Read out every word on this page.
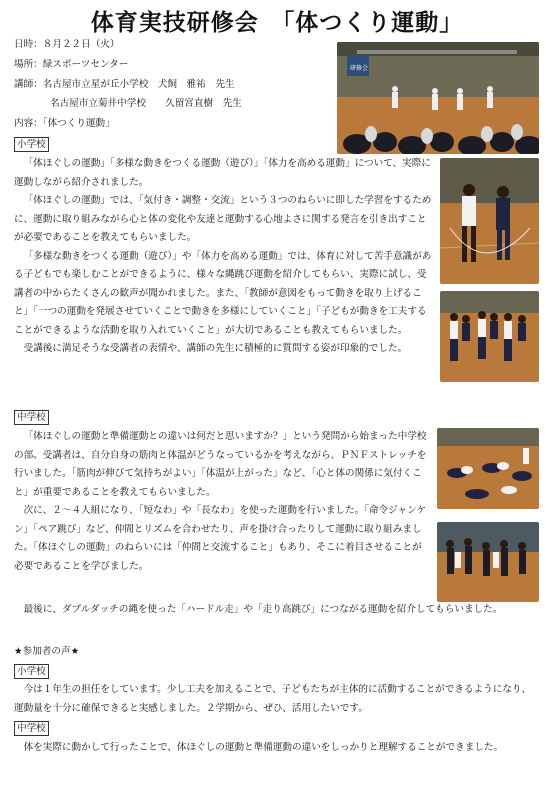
体育実技研修会　「体つくり運動」
日時：８月２２日（火）
場所：緑スポーツセンター
講師：名古屋市立星が丘小学校　犬飼　雅祐　先生
名古屋市立菊井中学校　　久留宮直樹　先生
内容：「体つくり運動」
研修会
小学校

「体ほぐしの運動」「多様な動きをつくる運動（遊び）」「体力を高める運動」について、実際に運動しながら紹介されました。

「体ほぐしの運動」では、「気付き・調整・交流」という３つのねらいに即した学習をするために、運動に取り組みながら心と体の変化や友達と運動する心地よさに関する発言を引き出すことが必要であることを教えてもらいました。

「多様な動きをつくる運動（遊び）」や「体力を高める運動」では、体育に対して苦手意識がある子どもでも楽しむことができるように、様々な縄跳び運動を紹介してもらい、実際に試し、受講者の中からたくさんの歓声が聞かれました。また、「教師が意図をもって動きを取り上げること」「一つの運動を発展させていくことで動きを多様にしていくこと」「子どもが動きを工夫することができるような活動を取り入れていくこと」が大切であることも教えてもらいました。

受講後に満足そうな受講者の表情や、講師の先生に積極的に質問する姿が印象的でした。

中学校

「体ほぐしの運動と準備運動との違いは何だと思いますか？」という発問から始まった中学校の部。受講者は、自分自身の筋肉と体温がどうなっているかを考えながら、ＰＮＦストレッチを行いました。「筋肉が伸びて気持ちがよい」「体温が上がった」など、「心と体の関係に気付くこと」が重要であることを教えてもらいました。

次に、２～４人組になり、「短なわ」や「長なわ」を使った運動を行いました。「命令ジャンケン」「ペア跳び」など、仲間とリズムを合わせたり、声を掛け合ったりして運動に取り組みました。「体ほぐしの運動」のねらいには「仲間と交流すること」もあり、そこに着目させることが必要であることを学びました。

最後に、ダブルダッチの縄を使った「ハードル走」や「走り高跳び」につながる運動を紹介してもらいました。

★参加者の声★
小学校

今は１年生の担任をしています。少し工夫を加えることで、子どもたちが主体的に活動することができるようになり、運動量を十分に確保できると実感しました。２学期から、ぜひ、活用したいです。

中学校

体を実際に動かして行ったことで、体ほぐしの運動と準備運動の違いをしっかりと理解することができました。
